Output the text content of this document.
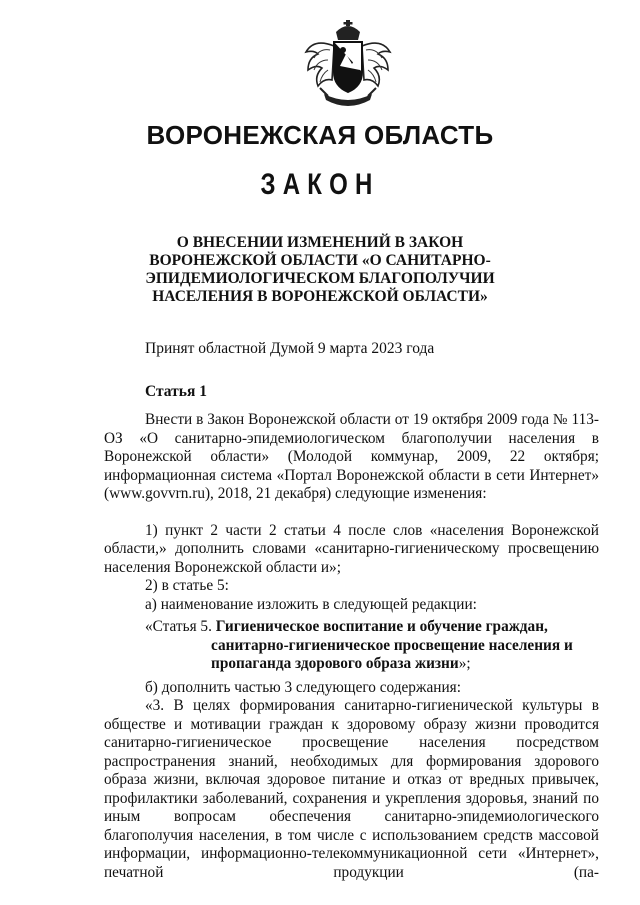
ВОРОНЕЖСКАЯ ОБЛАСТЬ
ЗАКОН
О ВНЕСЕНИИ ИЗМЕНЕНИЙ В ЗАКОН
ВОРОНЕЖСКОЙ ОБЛАСТИ «О САНИТАРНО-
ЭПИДЕМИОЛОГИЧЕСКОМ БЛАГОПОЛУЧИИ
НАСЕЛЕНИЯ В ВОРОНЕЖСКОЙ ОБЛАСТИ»
Принят областной Думой 9 марта 2023 года
Статья 1

Внести в Закон Воронежской области от 19 октября 2009 года № 113-ОЗ «О санитарно-эпидемиологическом благополучии населения в Воронежской области» (Молодой коммунар, 2009, 22 октября; информационная система «Портал Воронежской области в сети Интернет» (www.govvrn.ru), 2018, 21 декабря) следующие изменения:

1) пункт 2 части 2 статьи 4 после слов «населения Воронежской области,» дополнить словами «санитарно-гигиеническому просвещению населения Воронежской области и»;

2) в статье 5:

а) наименование изложить в следующей редакции:

«Статья 5. Гигиеническое воспитание и обучение граждан,
санитарно-гигиеническое просвещение населения и
пропаганда здорового образа жизни»;

б) дополнить частью 3 следующего содержания:

«3. В целях формирования санитарно-гигиенической культуры в обществе и мотивации граждан к здоровому образу жизни проводится санитарно-гигиеническое просвещение населения посредством распространения знаний, необходимых для формирования здорового образа жизни, включая здоровое питание и отказ от вредных привычек, профилактики заболеваний, сохранения и укрепления здоровья, знаний по иным вопросам обеспечения санитарно-эпидемиологического благополучия населения, в том числе с использованием средств массовой информации, информационно-телекоммуникационной сети «Интернет», печатной продукции (па-
